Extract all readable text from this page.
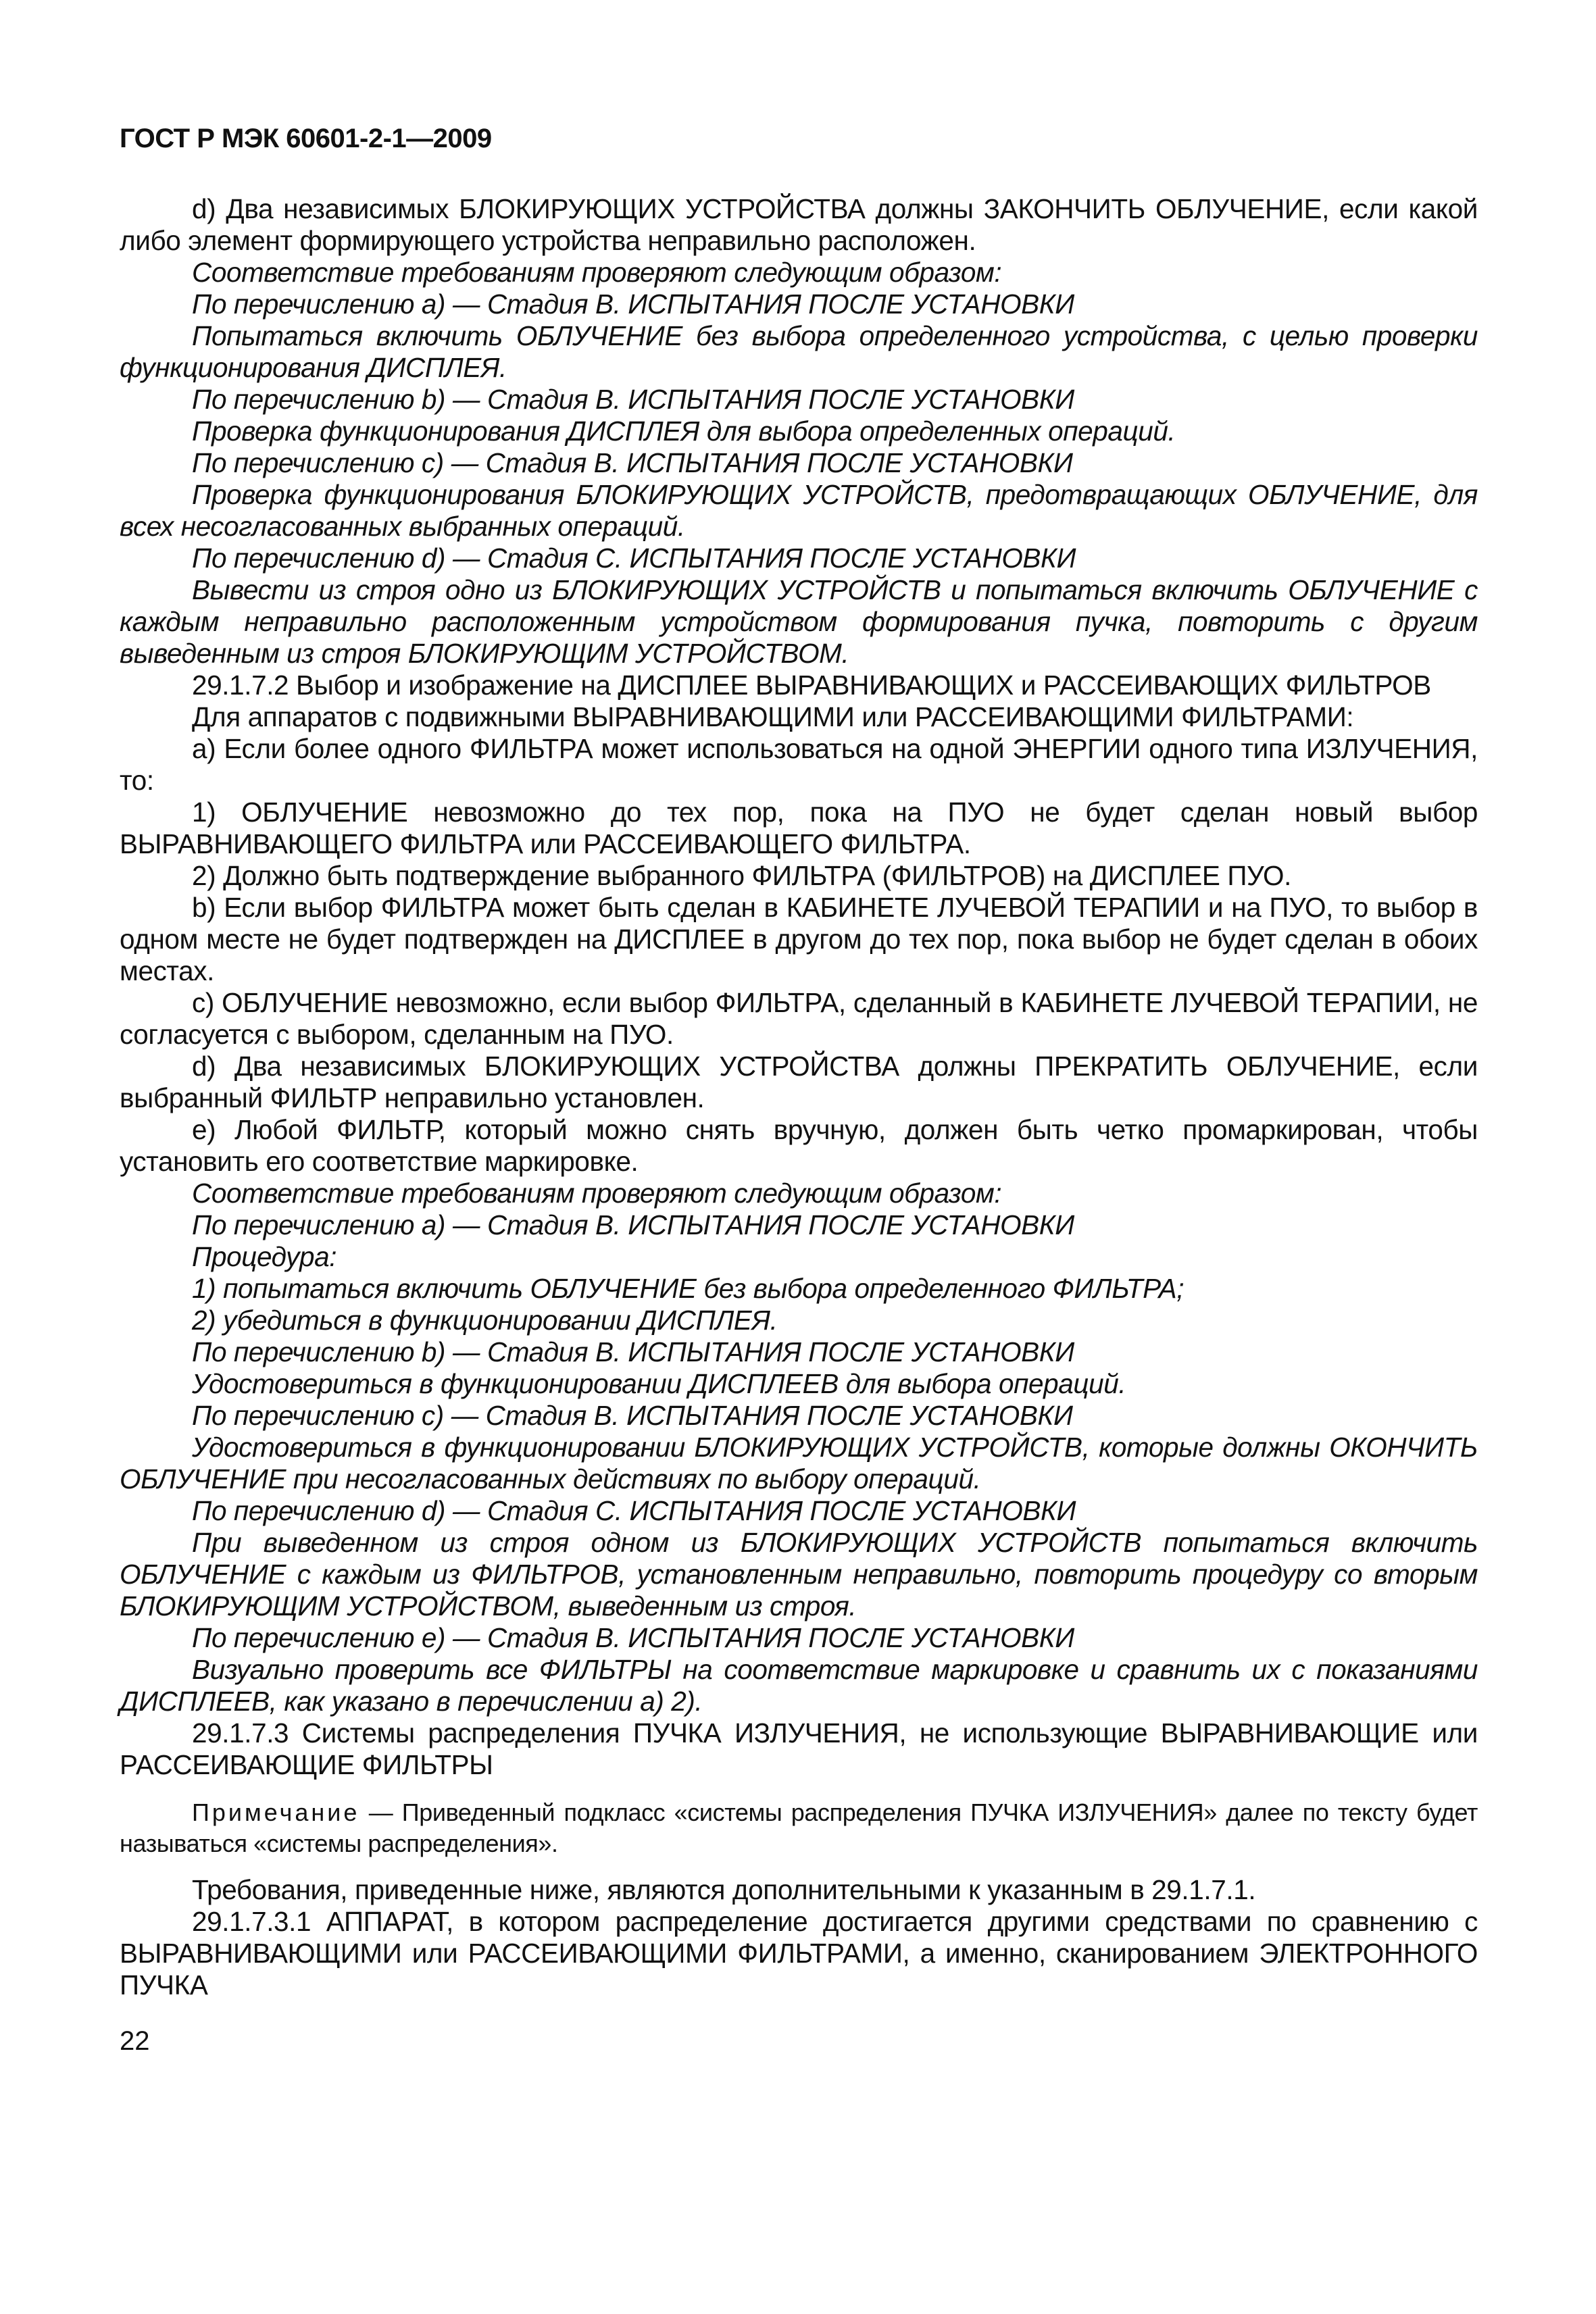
ГОСТ Р МЭК 60601-2-1—2009

d) Два независимых БЛОКИРУЮЩИХ УСТРОЙСТВА должны ЗАКОНЧИТЬ ОБЛУЧЕНИЕ, если какой либо элемент формирующего устройства неправильно расположен.

Соответствие требованиям проверяют следующим образом:

По перечислению а) — Стадия В. ИСПЫТАНИЯ ПОСЛЕ УСТАНОВКИ

Попытаться включить ОБЛУЧЕНИЕ без выбора определенного устройства, с целью проверки функционирования ДИСПЛЕЯ.

По перечислению b) — Стадия В. ИСПЫТАНИЯ ПОСЛЕ УСТАНОВКИ

Проверка функционирования ДИСПЛЕЯ для выбора определенных операций.

По перечислению с) — Стадия В. ИСПЫТАНИЯ ПОСЛЕ УСТАНОВКИ

Проверка функционирования БЛОКИРУЮЩИХ УСТРОЙСТВ, предотвращающих ОБЛУЧЕНИЕ, для всех несогласованных выбранных операций.

По перечислению d) — Стадия С. ИСПЫТАНИЯ ПОСЛЕ УСТАНОВКИ

Вывести из строя одно из БЛОКИРУЮЩИХ УСТРОЙСТВ и попытаться включить ОБЛУЧЕНИЕ с каждым неправильно расположенным устройством формирования пучка, повторить с другим выведенным из строя БЛОКИРУЮЩИМ УСТРОЙСТВОМ.

29.1.7.2 Выбор и изображение на ДИСПЛЕЕ ВЫРАВНИВАЮЩИХ и РАССЕИВАЮЩИХ ФИЛЬТРОВ

Для аппаратов с подвижными ВЫРАВНИВАЮЩИМИ или РАССЕИВАЮЩИМИ ФИЛЬТРАМИ:

а) Если более одного ФИЛЬТРА может использоваться на одной ЭНЕРГИИ одного типа ИЗЛУЧЕНИЯ, то:

1) ОБЛУЧЕНИЕ невозможно до тех пор, пока на ПУО не будет сделан новый выбор ВЫРАВНИВАЮЩЕГО ФИЛЬТРА или РАССЕИВАЮЩЕГО ФИЛЬТРА.

2) Должно быть подтверждение выбранного ФИЛЬТРА (ФИЛЬТРОВ) на ДИСПЛЕЕ ПУО.

b) Если выбор ФИЛЬТРА может быть сделан в КАБИНЕТЕ ЛУЧЕВОЙ ТЕРАПИИ и на ПУО, то выбор в одном месте не будет подтвержден на ДИСПЛЕЕ в другом до тех пор, пока выбор не будет сделан в обоих местах.

с) ОБЛУЧЕНИЕ невозможно, если выбор ФИЛЬТРА, сделанный в КАБИНЕТЕ ЛУЧЕВОЙ ТЕРАПИИ, не согласуется с выбором, сделанным на ПУО.

d) Два независимых БЛОКИРУЮЩИХ УСТРОЙСТВА должны ПРЕКРАТИТЬ ОБЛУЧЕНИЕ, если выбранный ФИЛЬТР неправильно установлен.

е) Любой ФИЛЬТР, который можно снять вручную, должен быть четко промаркирован, чтобы установить его соответствие маркировке.

Соответствие требованиям проверяют следующим образом:

По перечислению а) — Стадия В. ИСПЫТАНИЯ ПОСЛЕ УСТАНОВКИ

Процедура:

1) попытаться включить ОБЛУЧЕНИЕ без выбора определенного ФИЛЬТРА;

2) убедиться в функционировании ДИСПЛЕЯ.

По перечислению b) — Стадия В. ИСПЫТАНИЯ ПОСЛЕ УСТАНОВКИ

Удостовериться в функционировании ДИСПЛЕЕВ для выбора операций.

По перечислению с) — Стадия В. ИСПЫТАНИЯ ПОСЛЕ УСТАНОВКИ

Удостовериться в функционировании БЛОКИРУЮЩИХ УСТРОЙСТВ, которые должны ОКОНЧИТЬ ОБЛУЧЕНИЕ при несогласованных действиях по выбору операций.

По перечислению d) — Стадия С. ИСПЫТАНИЯ ПОСЛЕ УСТАНОВКИ

При выведенном из строя одном из БЛОКИРУЮЩИХ УСТРОЙСТВ попытаться включить ОБЛУЧЕНИЕ с каждым из ФИЛЬТРОВ, установленным неправильно, повторить процедуру со вторым БЛОКИРУЮЩИМ УСТРОЙСТВОМ, выведенным из строя.

По перечислению е) — Стадия В. ИСПЫТАНИЯ ПОСЛЕ УСТАНОВКИ

Визуально проверить все ФИЛЬТРЫ на соответствие маркировке и сравнить их с показаниями ДИСПЛЕЕВ, как указано в перечислении а) 2).

29.1.7.3 Системы распределения ПУЧКА ИЗЛУЧЕНИЯ, не использующие ВЫРАВНИВАЮЩИЕ или РАССЕИВАЮЩИЕ ФИЛЬТРЫ

Примечание — Приведенный подкласс «системы распределения ПУЧКА ИЗЛУЧЕНИЯ» далее по тексту будет называться «системы распределения».

Требования, приведенные ниже, являются дополнительными к указанным в 29.1.7.1.

29.1.7.3.1 АППАРАТ, в котором распределение достигается другими средствами по сравнению с ВЫРАВНИВАЮЩИМИ или РАССЕИВАЮЩИМИ ФИЛЬТРАМИ, а именно, сканированием ЭЛЕКТРОННОГО ПУЧКА

22
